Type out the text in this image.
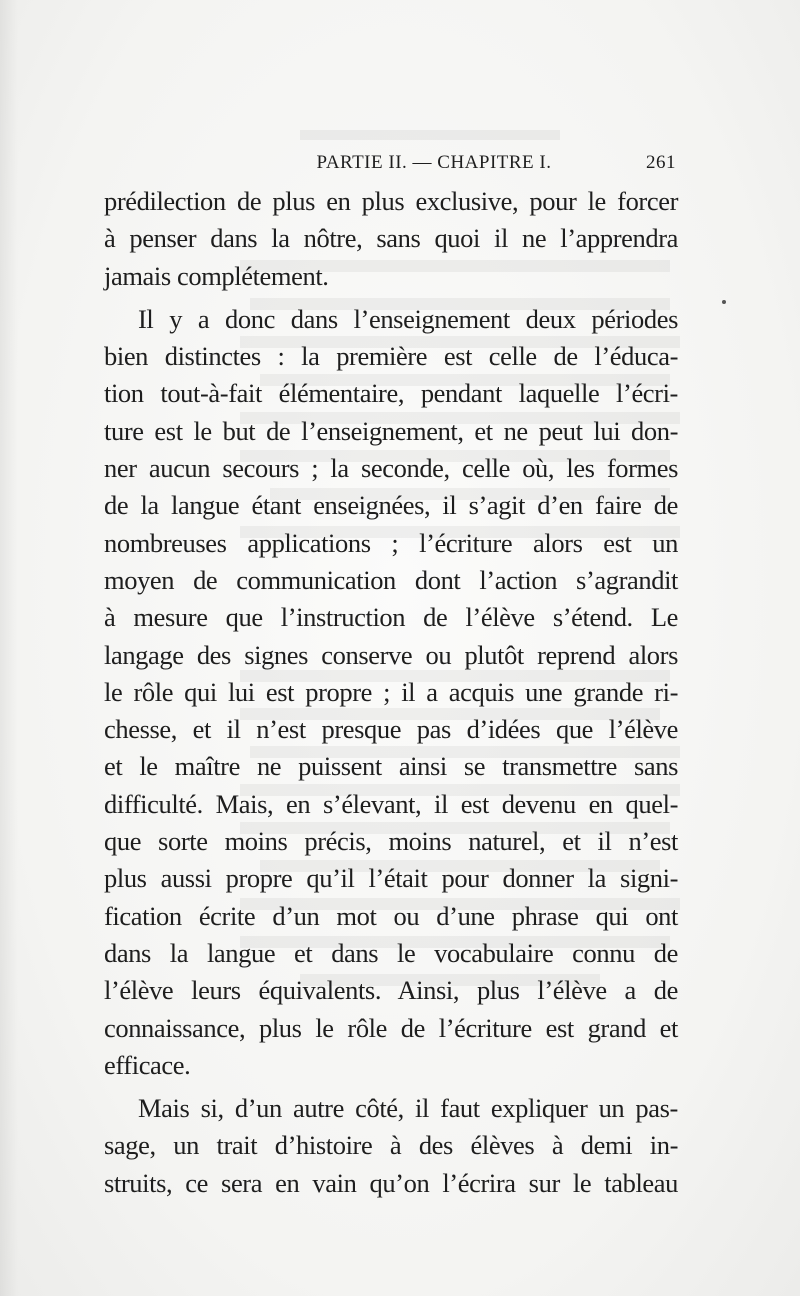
PARTIE II. — CHAPITRE I.	261
prédilection de plus en plus exclusive, pour le forcer
à penser dans la nôtre, sans quoi il ne l’apprendra
jamais complétement.
Il y a donc dans l’enseignement deux périodes
bien distinctes : la première est celle de l’éduca-
tion tout-à-fait élémentaire, pendant laquelle l’écri-
ture est le but de l’enseignement, et ne peut lui don-
ner aucun secours ; la seconde, celle où, les formes
de la langue étant enseignées, il s’agit d’en faire de
nombreuses applications ; l’écriture alors est un
moyen de communication dont l’action s’agrandit
à mesure que l’instruction de l’élève s’étend. Le
langage des signes conserve ou plutôt reprend alors
le rôle qui lui est propre ; il a acquis une grande ri-
chesse, et il n’est presque pas d’idées que l’élève
et le maître ne puissent ainsi se transmettre sans
difficulté. Mais, en s’élevant, il est devenu en quel-
que sorte moins précis, moins naturel, et il n’est
plus aussi propre qu’il l’était pour donner la signi-
fication écrite d’un mot ou d’une phrase qui ont
dans la langue et dans le vocabulaire connu de
l’élève leurs équivalents. Ainsi, plus l’élève a de
connaissance, plus le rôle de l’écriture est grand et
efficace.
Mais si, d’un autre côté, il faut expliquer un pas-
sage, un trait d’histoire à des élèves à demi in-
struits, ce sera en vain qu’on l’écrira sur le tableau
